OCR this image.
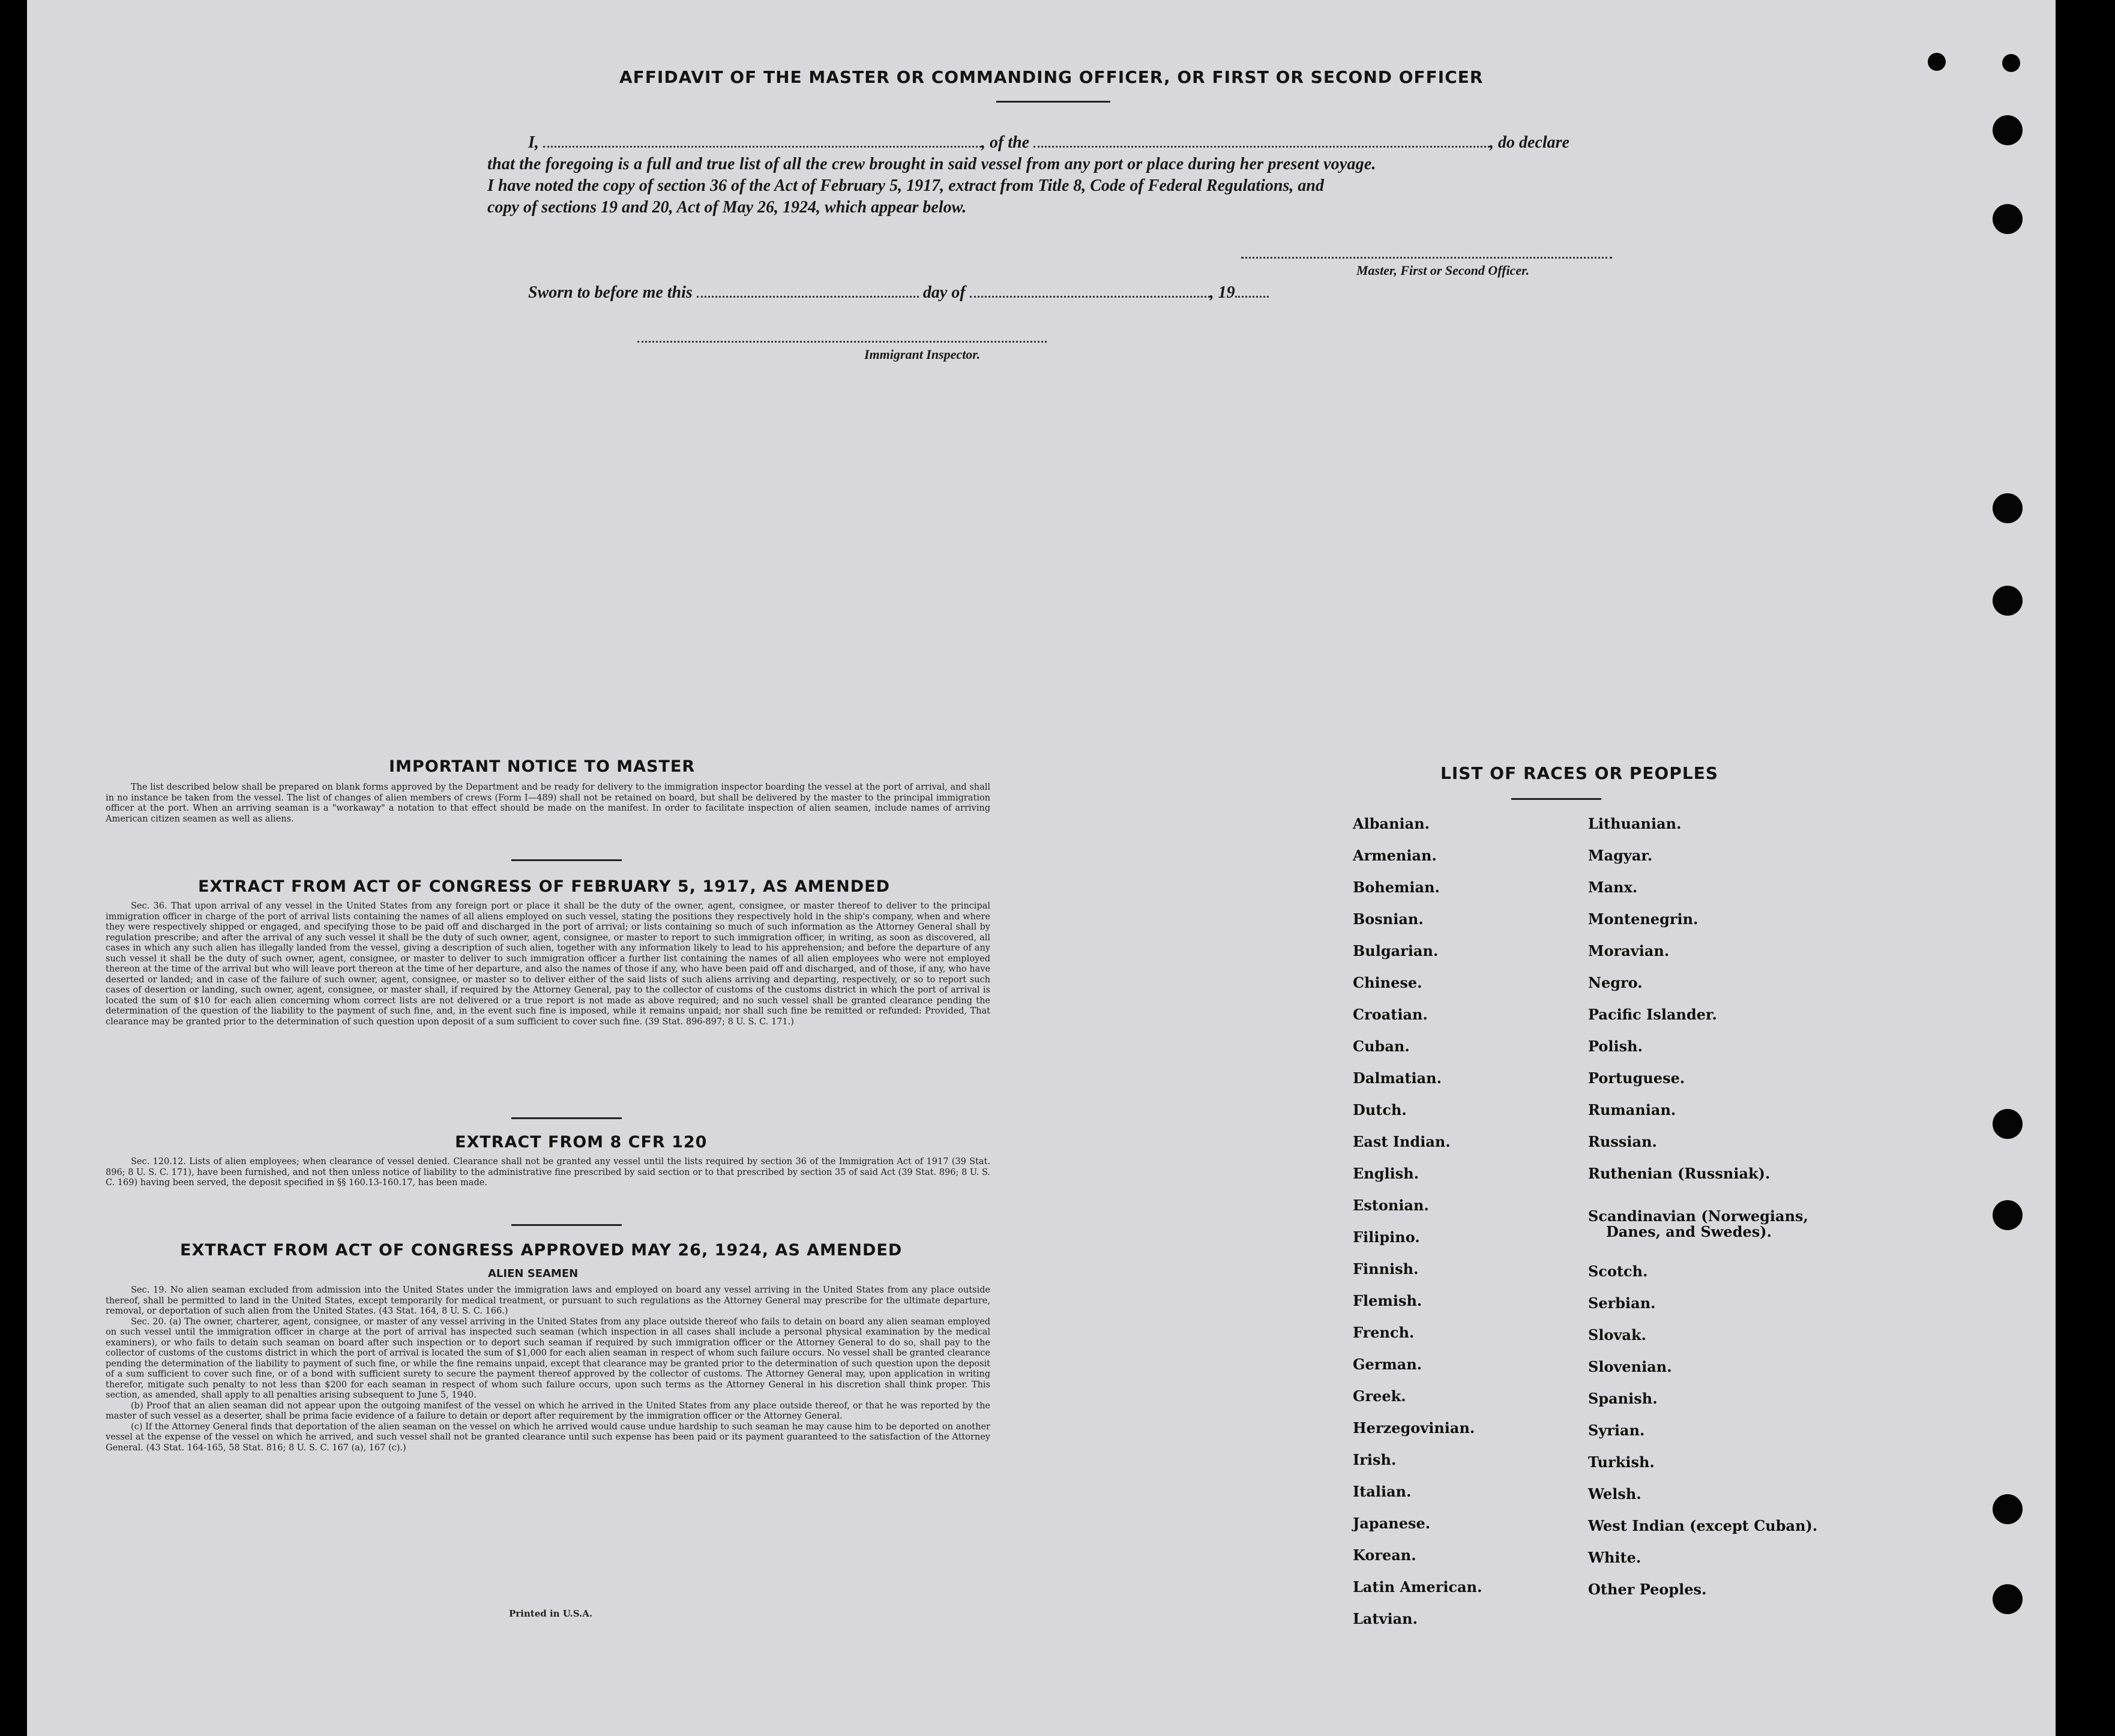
AFFIDAVIT OF THE MASTER OR COMMANDING OFFICER, OR FIRST OR SECOND OFFICER
I,	, of the	, do declare
that the foregoing is a full and true list of all the crew brought in said vessel from any port or place during her present voyage.
I have noted the copy of section 36 of the Act of February 5, 1917, extract from Title 8, Code of Federal Regulations, and
copy of sections 19 and 20, Act of May 26, 1924, which appear below.
Master, First or Second Officer.
Sworn to before me this	day of	, 19
Immigrant Inspector.
IMPORTANT NOTICE TO MASTER
The list described below shall be prepared on blank forms approved by the Department and be ready for delivery to the immigration inspector boarding the vessel at the port of arrival, and shall in no instance be taken from the vessel. The list of changes of alien members of crews (Form I—489) shall not be retained on board, but shall be delivered by the master to the principal immigration officer at the port. When an arriving seaman is a "workaway" a notation to that effect should be made on the manifest. In order to facilitate inspection of alien seamen, include names of arriving American citizen seamen as well as aliens.
EXTRACT FROM ACT OF CONGRESS OF FEBRUARY 5, 1917, AS AMENDED
Sec. 36. That upon arrival of any vessel in the United States from any foreign port or place it shall be the duty of the owner, agent, consignee, or master thereof to deliver to the principal immigration officer in charge of the port of arrival lists containing the names of all aliens employed on such vessel, stating the positions they respectively hold in the ship's company, when and where they were respectively shipped or engaged, and specifying those to be paid off and discharged in the port of arrival; or lists containing so much of such information as the Attorney General shall by regulation prescribe; and after the arrival of any such vessel it shall be the duty of such owner, agent, consignee, or master to report to such immigration officer, in writing, as soon as discovered, all cases in which any such alien has illegally landed from the vessel, giving a description of such alien, together with any information likely to lead to his apprehension; and before the departure of any such vessel it shall be the duty of such owner, agent, consignee, or master to deliver to such immigration officer a further list containing the names of all alien employees who were not employed thereon at the time of the arrival but who will leave port thereon at the time of her departure, and also the names of those if any, who have been paid off and discharged, and of those, if any, who have deserted or landed; and in case of the failure of such owner, agent, consignee, or master so to deliver either of the said lists of such aliens arriving and departing, respectively, or so to report such cases of desertion or landing, such owner, agent, consignee, or master shall, if required by the Attorney General, pay to the collector of customs of the customs district in which the port of arrival is located the sum of $10 for each alien concerning whom correct lists are not delivered or a true report is not made as above required; and no such vessel shall be granted clearance pending the determination of the question of the liability to the payment of such fine, and, in the event such fine is imposed, while it remains unpaid; nor shall such fine be remitted or refunded: Provided, That clearance may be granted prior to the determination of such question upon deposit of a sum sufficient to cover such fine. (39 Stat. 896-897; 8 U. S. C. 171.)
EXTRACT FROM 8 CFR 120
Sec. 120.12. Lists of alien employees; when clearance of vessel denied. Clearance shall not be granted any vessel until the lists required by section 36 of the Immigration Act of 1917 (39 Stat. 896; 8 U. S. C. 171), have been furnished, and not then unless notice of liability to the administrative fine prescribed by said section or to that prescribed by section 35 of said Act (39 Stat. 896; 8 U. S. C. 169) having been served, the deposit specified in §§ 160.13-160.17, has been made.
EXTRACT FROM ACT OF CONGRESS APPROVED MAY 26, 1924, AS AMENDED
ALIEN SEAMEN
Sec. 19. No alien seaman excluded from admission into the United States under the immigration laws and employed on board any vessel arriving in the United States from any place outside thereof, shall be permitted to land in the United States, except temporarily for medical treatment, or pursuant to such regulations as the Attorney General may prescribe for the ultimate departure, removal, or deportation of such alien from the United States. (43 Stat. 164, 8 U. S. C. 166.)
Sec. 20. (a) The owner, charterer, agent, consignee, or master of any vessel arriving in the United States from any place outside thereof who fails to detain on board any alien seaman employed on such vessel until the immigration officer in charge at the port of arrival has inspected such seaman (which inspection in all cases shall include a personal physical examination by the medical examiners), or who fails to detain such seaman on board after such inspection or to deport such seaman if required by such immigration officer or the Attorney General to do so, shall pay to the collector of customs of the customs district in which the port of arrival is located the sum of $1,000 for each alien seaman in respect of whom such failure occurs. No vessel shall be granted clearance pending the determination of the liability to payment of such fine, or while the fine remains unpaid, except that clearance may be granted prior to the determination of such question upon the deposit of a sum sufficient to cover such fine, or of a bond with sufficient surety to secure the payment thereof approved by the collector of customs. The Attorney General may, upon application in writing therefor, mitigate such penalty to not less than $200 for each seaman in respect of whom such failure occurs, upon such terms as the Attorney General in his discretion shall think proper. This section, as amended, shall apply to all penalties arising subsequent to June 5, 1940.
(b) Proof that an alien seaman did not appear upon the outgoing manifest of the vessel on which he arrived in the United States from any place outside thereof, or that he was reported by the master of such vessel as a deserter, shall be prima facie evidence of a failure to detain or deport after requirement by the immigration officer or the Attorney General.
(c) If the Attorney General finds that deportation of the alien seaman on the vessel on which he arrived would cause undue hardship to such seaman he may cause him to be deported on another vessel at the expense of the vessel on which he arrived, and such vessel shall not be granted clearance until such expense has been paid or its payment guaranteed to the satisfaction of the Attorney General. (43 Stat. 164-165, 58 Stat. 816; 8 U. S. C. 167 (a), 167 (c).)
Printed in U.S.A.
LIST OF RACES OR PEOPLES
Albanian.
Armenian.
Bohemian.
Bosnian.
Bulgarian.
Chinese.
Croatian.
Cuban.
Dalmatian.
Dutch.
East Indian.
English.
Estonian.
Filipino.
Finnish.
Flemish.
French.
German.
Greek.
Herzegovinian.
Irish.
Italian.
Japanese.
Korean.
Latin American.
Latvian.
Lithuanian.
Magyar.
Manx.
Montenegrin.
Moravian.
Negro.
Pacific Islander.
Polish.
Portuguese.
Rumanian.
Russian.
Ruthenian (Russniak).
Scandinavian (Norwegians,
Danes, and Swedes).
Scotch.
Serbian.
Slovak.
Slovenian.
Spanish.
Syrian.
Turkish.
Welsh.
West Indian (except Cuban).
White.
Other Peoples.
